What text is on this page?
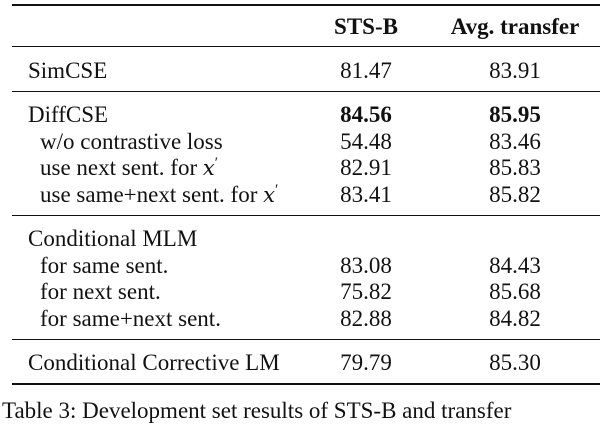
	STS-B	Avg. transfer
SimCSE	81.47	83.91
DiffCSE	84.56	85.95
w/o contrastive loss	54.48	83.46
use next sent. for x′	82.91	85.83
use same+next sent. for x′	83.41	85.82
Conditional MLM		
for same sent.	83.08	84.43
for next sent.	75.82	85.68
for same+next sent.	82.88	84.82
Conditional Corrective LM	79.79	85.30
Table 3: Development set results of STS-B and transfer
